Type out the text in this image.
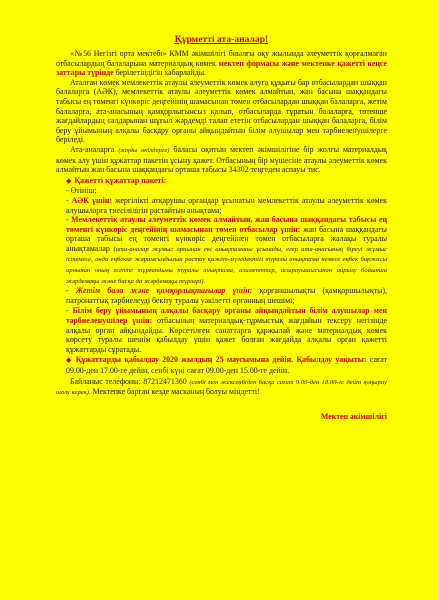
Құрметті ата-аналар!

«№56 Негізгі орта мектебі» КММ әкімшілігі биылғы оқу жылында әлеуметтік қорғалмаған отбасылардың балаларына материалдық көмек мектеп формасы және мектепке қажетті кеңсе заттары түрінде берілетіндігін хабарлайды.

Аталған көмек мемлекеттік атаулы әлеуметтік көмек алуға құқығы бар отбасылардан шыққан балаларға (АӘК), мемлекеттік атаулы әлеуметтік көмек алмайтын, жан басына шаққандағы табысы ең төменгі күнкөріс деңгейінің шамасынан төмен отбасылардан шыққан балаларға, жетім балаларға, ата-анасының қамқорлығынсыз қалып, отбасыларда тұратын балаларға, төтенше жағдайлардың салдарынан шұғыл жәрдемді талап ететін отбасылардан шыққан балаларға, білім беру ұйымының алқалы басқару органы айқындайтын білім алушылар мен тәрбиеленушілерге беріледі.

Ата-аналарға (заңды өкілдерге) баласы оқитын мектеп әкімшілігіне бір жолғы материалдық көмек алу үшін құжаттар пакетін ұсыну қажет. Отбасының бір мүшесіне атаулы әлеуметтік көмек алмайтын жан басына шаққандағы орташа табысы 34302 теңгеден аспауы тис.

◆ Қажетті құжаттар пакеті:

- Өтініш;

- АӘК үшін: жергілікті атқарушы органдар ұсынатын мемлекеттік атаулы әлеуметтік көмек алушыларға тиесілілігін растайтын анықтама;

- Мемлекеттік атаулы әлеуметтік көмек алмайтын, жан басына шаққандағы табысы ең төменгі күнкөріс деңгейінің шамасынан төмен отбасылар үшін: жан басына шаққандағы орташа табысы ең төменгі күнкөріс деңгейінен төмен отбасыларға жалақы туралы анықтамалар (ата-аналар жұмыс орнынан екі анықтаманы ұсынады, егер ата-анасының біреуі жұмыс істемесе, онда еңбекке жарамсыздығын растау қажет-мүгедектігі туралы анықтама немесе еңбек биржасы орнынан оның есепте тұрғандығы туралы анықтама, алименттер, асырауышысынан айрылу бойынша жәрдемақы және басқа да жәрдемақы түрлері).

- Жетім бала және қамқорлықтағылар үшін: қорғаншылықты (қамқоршылықты), патронаттық тәрбиелеуді бекіту туралы уәкілетті органның шешімі;

- Білім беру ұйымының алқалы басқару органы айқындайтын білім алушылар мен тәрбиеленушілер үшін: отбасының материалдық-тұрмыстық жағдайын тексеру негізінде алқалы орган айқындайды. Көрсетілген санаттарға қаржылай және материалдық көмек көрсету туралы шешім қабылдау үшін қажет болған жағдайда алқалы орган қажетті құжаттарды сұратады.

◆ Құжаттарды қабылдау 2020 жылдың 25 маусымына дейін. Қабылдау уақыты: сағат 09.00-ден 17.00-ге дейін, сенбі күні сағат 09.00-ден 15.00-ге дейін.

Байланыс телефоны: 87212471360 (сенбі мен жексенбіден басқа сағат 9.00-ден 18.00-ге дейін қоңырау шалу керек). Мектепке барған кезде масканың болуы міндетті!

Мектеп әкімшілігі
